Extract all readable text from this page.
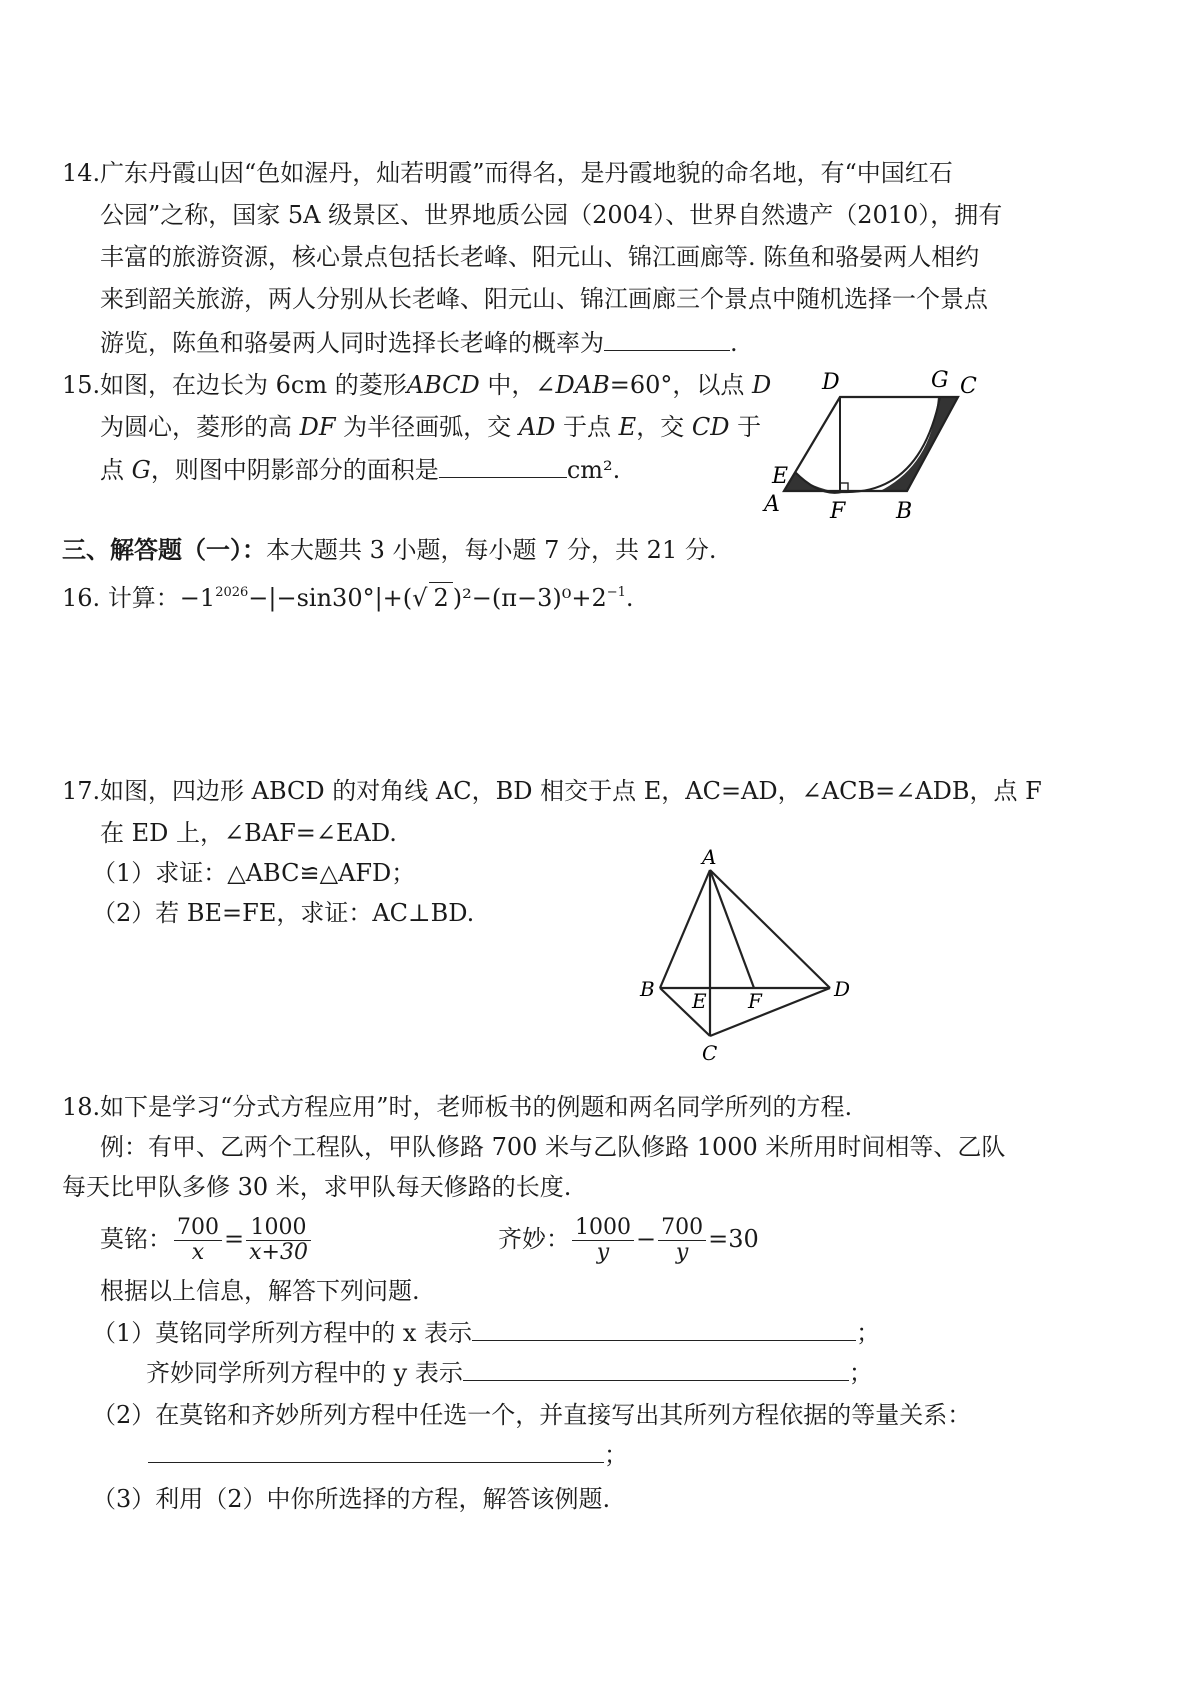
14. 广东丹霞山因“色如渥丹，灿若明霞”而得名，是丹霞地貌的命名地，有“中国红石
公园”之称，国家 5A 级景区、世界地质公园（2004）、世界自然遗产（2010），拥有
丰富的旅游资源，核心景点包括长老峰、阳元山、锦江画廊等. 陈鱼和骆晏两人相约
来到韶关旅游，两人分别从长老峰、阳元山、锦江画廊三个景点中随机选择一个景点
游览，陈鱼和骆晏两人同时选择长老峰的概率为	.
15. 如图，在边长为 6cm 的菱形ABCD 中，∠DAB=60°，以点 D
为圆心，菱形的高 DF 为半径画弧，交 AD 于点 E，交 CD 于
点 G，则图中阴影部分的面积是	cm².
D	G C
E
A F B
三、解答题（一）：本大题共 3 小题，每小题 7 分，共 21 分.
16. 计算：$-1^{2026}-|-\sin 30^\circ|+(√$ 2 )$^2-(\pi-3)^0+2^{-1}$.
17. 如图，四边形 ABCD 的对角线 AC，BD 相交于点 E，AC=AD，∠ACB=∠ADB，点 F
在 ED 上，∠BAF=∠EAD.
（1）求证：△ABC≌△AFD；
（2）若 BE=FE，求证：AC⊥BD.
A
B	D
E F
C
18. 如下是学习“分式方程应用”时，老师板书的例题和两名同学所列的方程.
例：有甲、乙两个工程队，甲队修路 700 米与乙队修路 1000 米所用时间相等、乙队
每天比甲队多修 30 米，求甲队每天修路的长度.
莫铭： $\frac{700}{x} = \frac{1000}{x+30}$	齐妙： $\frac{1000}{y} - \frac{700}{y} =30$
根据以上信息，解答下列问题.
（1）莫铭同学所列方程中的 x 表示	；
齐妙同学所列方程中的 y 表示	；
（2）在莫铭和齐妙所列方程中任选一个，并直接写出其所列方程依据的等量关系：
；
（3）利用（2）中你所选择的方程，解答该例题.
